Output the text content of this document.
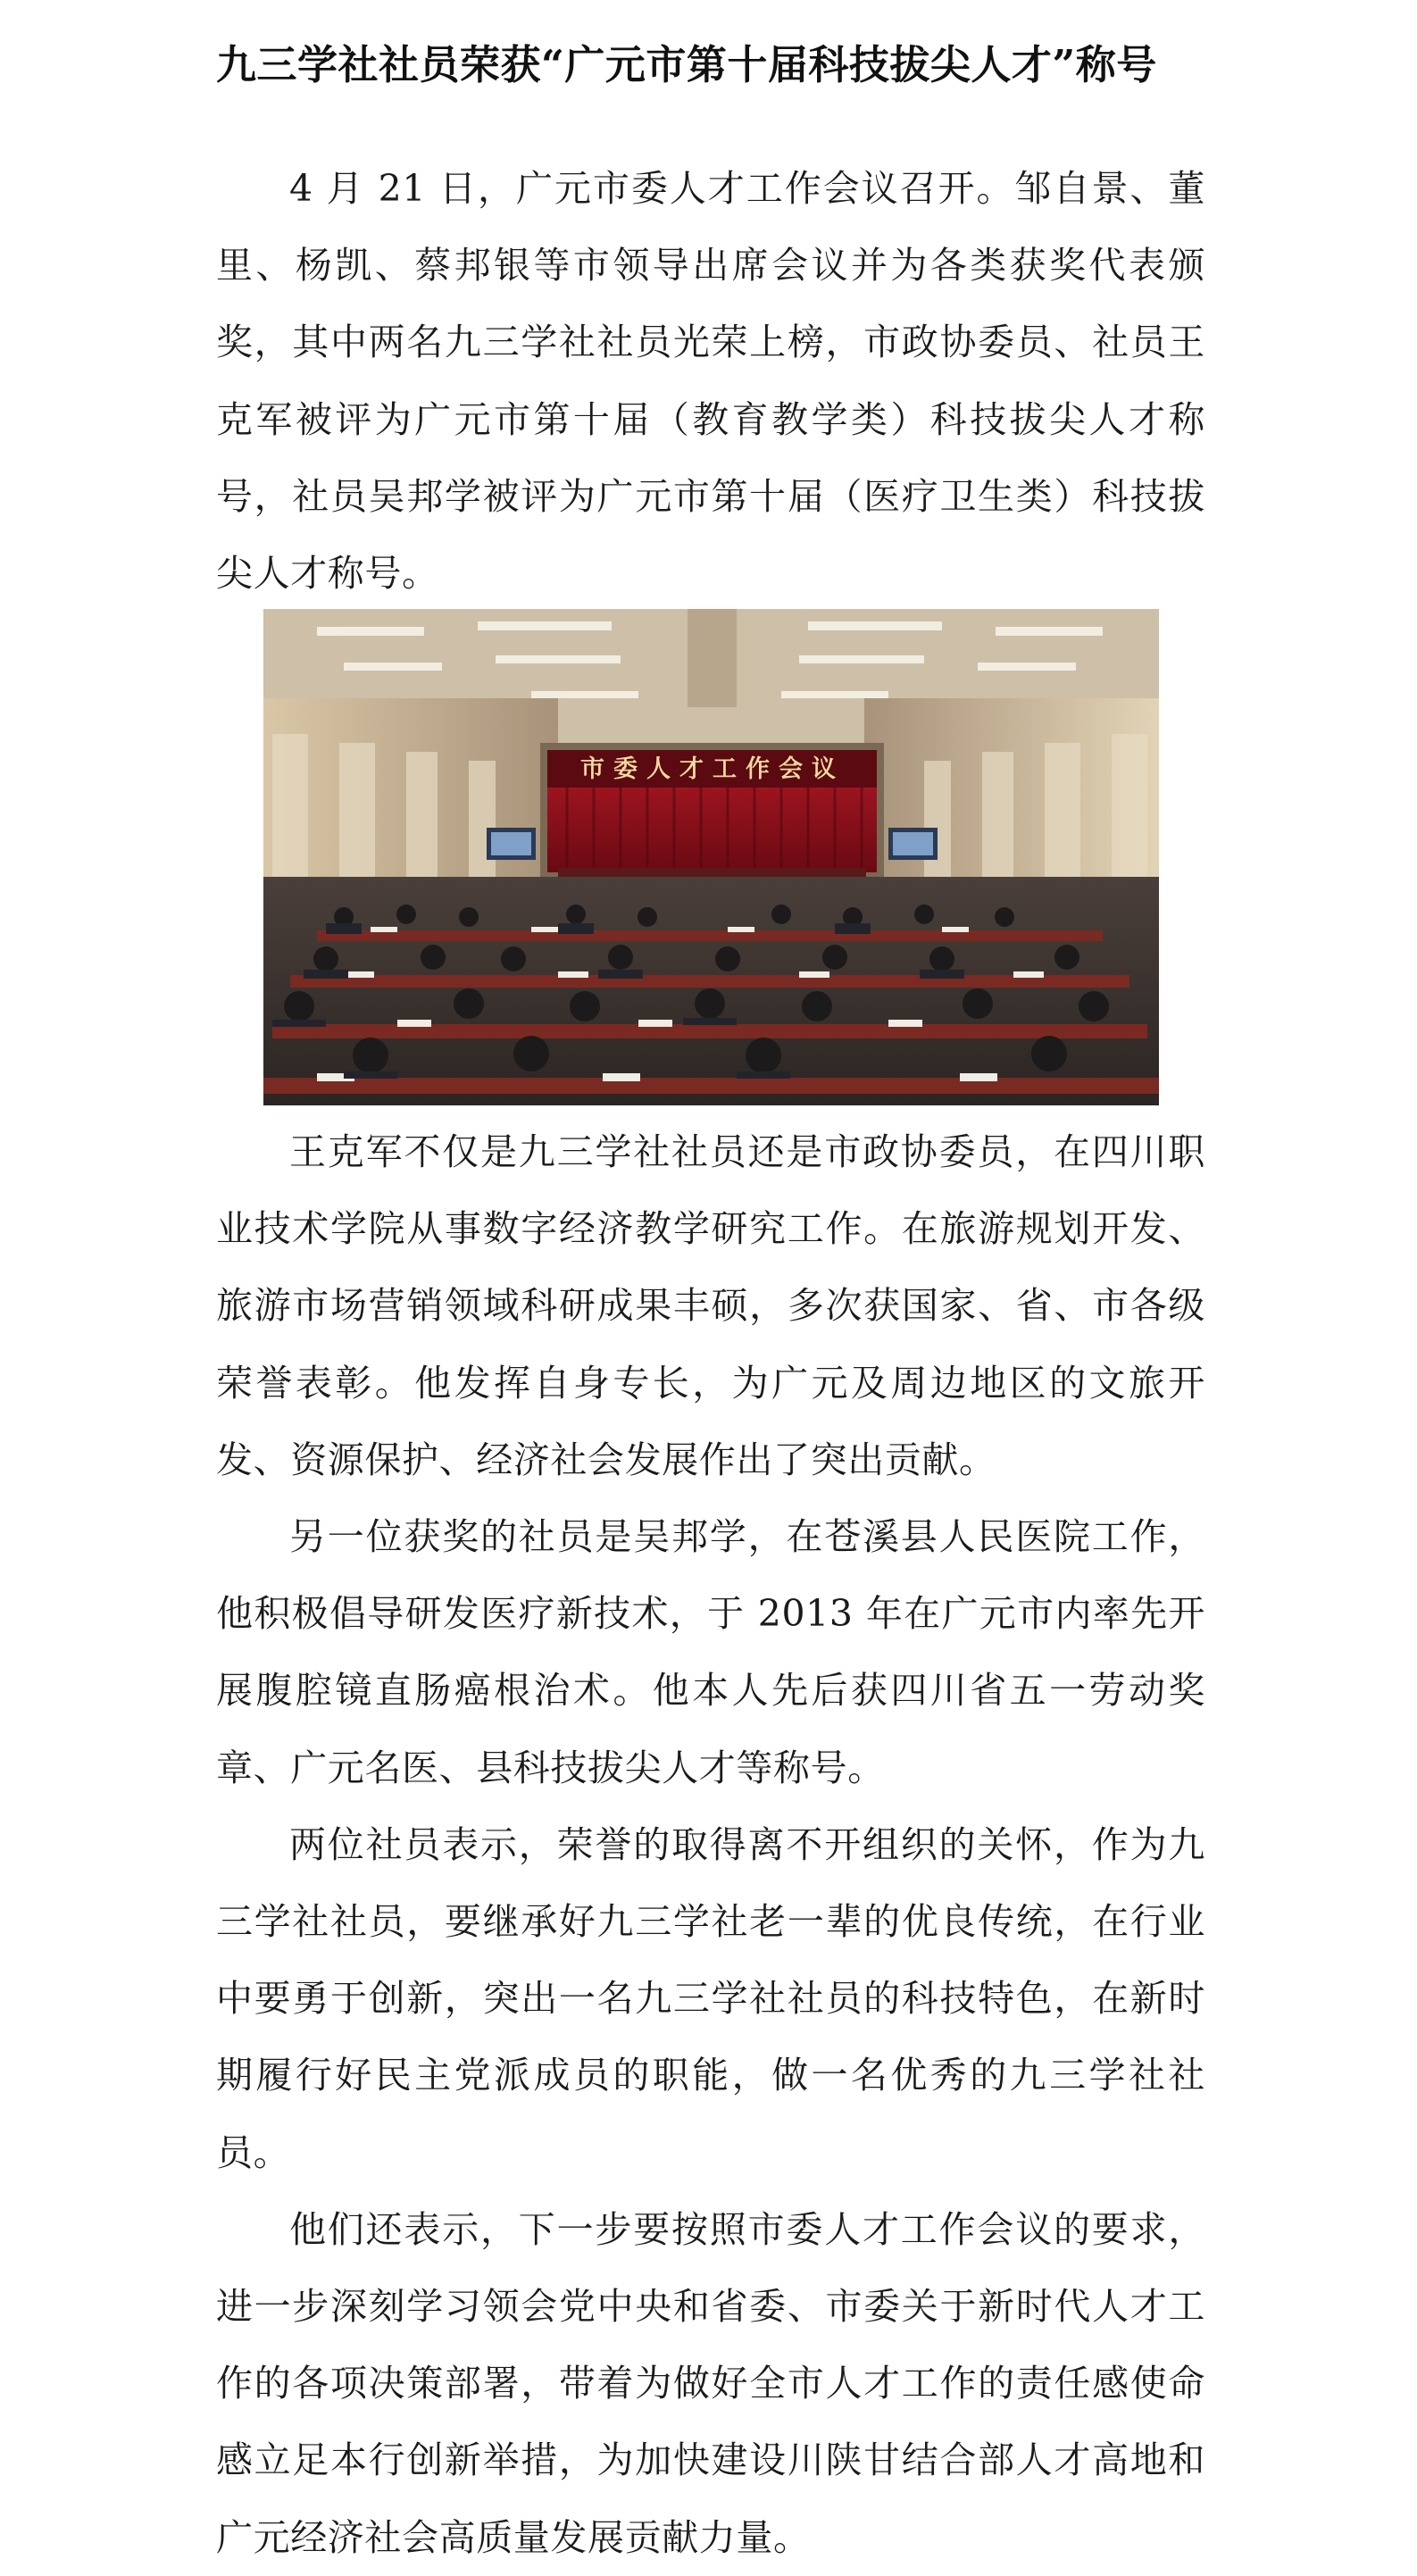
九三学社社员荣获“广元市第十届科技拔尖人才”称号

4 月 21 日，广元市委人才工作会议召开。邹自景、董里、杨凯、蔡邦银等市领导出席会议并为各类获奖代表颁奖，其中两名九三学社社员光荣上榜，市政协委员、社员王克军被评为广元市第十届（教育教学类）科技拔尖人才称号，社员吴邦学被评为广元市第十届（医疗卫生类）科技拔尖人才称号。

市委人才工作会议

王克军不仅是九三学社社员还是市政协委员，在四川职业技术学院从事数字经济教学研究工作。在旅游规划开发、旅游市场营销领域科研成果丰硕，多次获国家、省、市各级荣誉表彰。他发挥自身专长，为广元及周边地区的文旅开发、资源保护、经济社会发展作出了突出贡献。

另一位获奖的社员是吴邦学，在苍溪县人民医院工作，他积极倡导研发医疗新技术，于 2013 年在广元市内率先开展腹腔镜直肠癌根治术。他本人先后获四川省五一劳动奖章、广元名医、县科技拔尖人才等称号。

两位社员表示，荣誉的取得离不开组织的关怀，作为九三学社社员，要继承好九三学社老一辈的优良传统，在行业中要勇于创新，突出一名九三学社社员的科技特色，在新时期履行好民主党派成员的职能，做一名优秀的九三学社社员。

他们还表示，下一步要按照市委人才工作会议的要求，进一步深刻学习领会党中央和省委、市委关于新时代人才工作的各项决策部署，带着为做好全市人才工作的责任感使命感立足本行创新举措，为加快建设川陕甘结合部人才高地和广元经济社会高质量发展贡献力量。
